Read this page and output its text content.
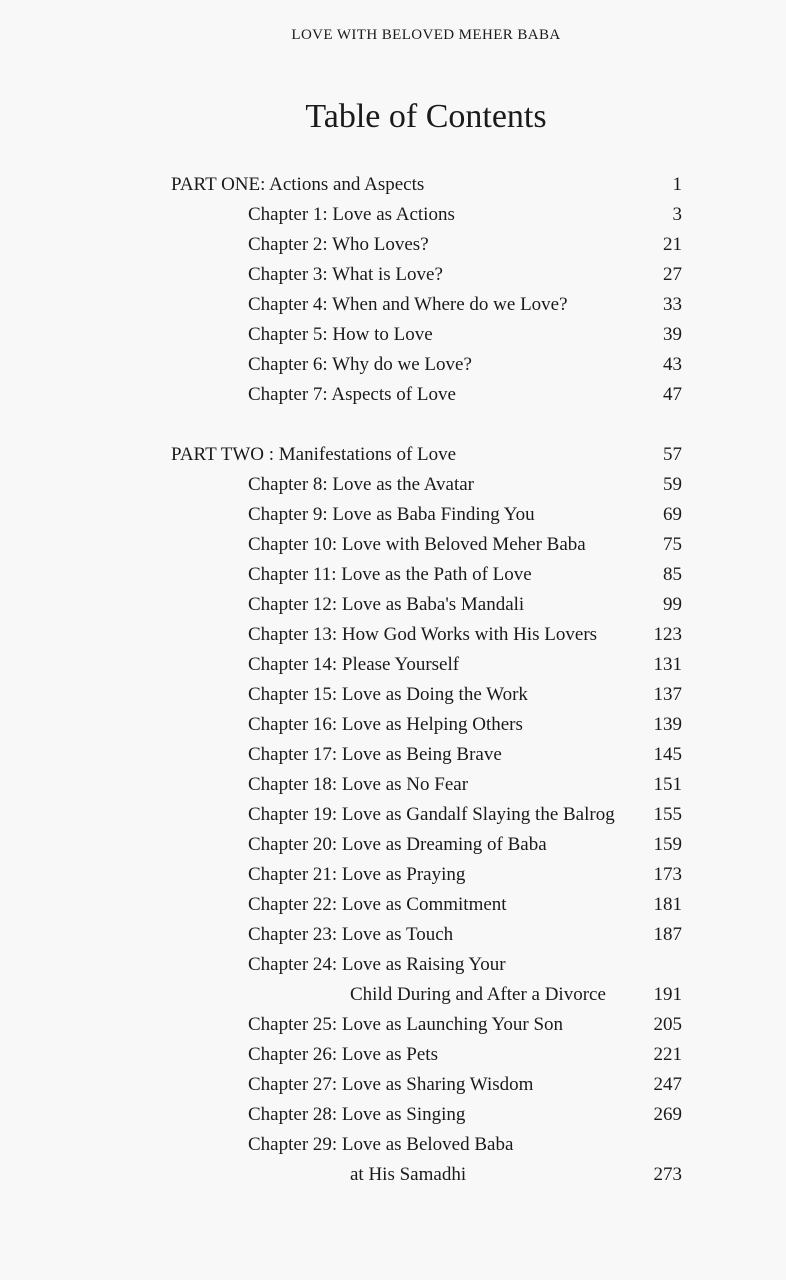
LOVE WITH BELOVED MEHER BABA
Table of Contents
PART ONE: Actions and Aspects	1
Chapter 1: Love as Actions	3
Chapter 2: Who Loves?	21
Chapter 3: What is Love?	27
Chapter 4: When and Where do we Love?	33
Chapter 5: How to Love	39
Chapter 6: Why do we Love?	43
Chapter 7: Aspects of Love	47
PART TWO : Manifestations of Love	57
Chapter 8: Love as the Avatar	59
Chapter 9: Love as Baba Finding You	69
Chapter 10: Love with Beloved Meher Baba	75
Chapter 11: Love as the Path of Love	85
Chapter 12: Love as Baba's Mandali	99
Chapter 13: How God Works with His Lovers	123
Chapter 14: Please Yourself	131
Chapter 15: Love as Doing the Work	137
Chapter 16: Love as Helping Others	139
Chapter 17: Love as Being Brave	145
Chapter 18: Love as No Fear	151
Chapter 19: Love as Gandalf Slaying the Balrog 155
Chapter 20: Love as Dreaming of Baba	159
Chapter 21: Love as Praying	173
Chapter 22: Love as Commitment	181
Chapter 23: Love as Touch	187
Chapter 24: Love as Raising Your
Child During and After a Divorce	191
Chapter 25: Love as Launching Your Son	205
Chapter 26: Love as Pets	221
Chapter 27: Love as Sharing Wisdom	247
Chapter 28: Love as Singing	269
Chapter 29: Love as Beloved Baba
at His Samadhi	273
